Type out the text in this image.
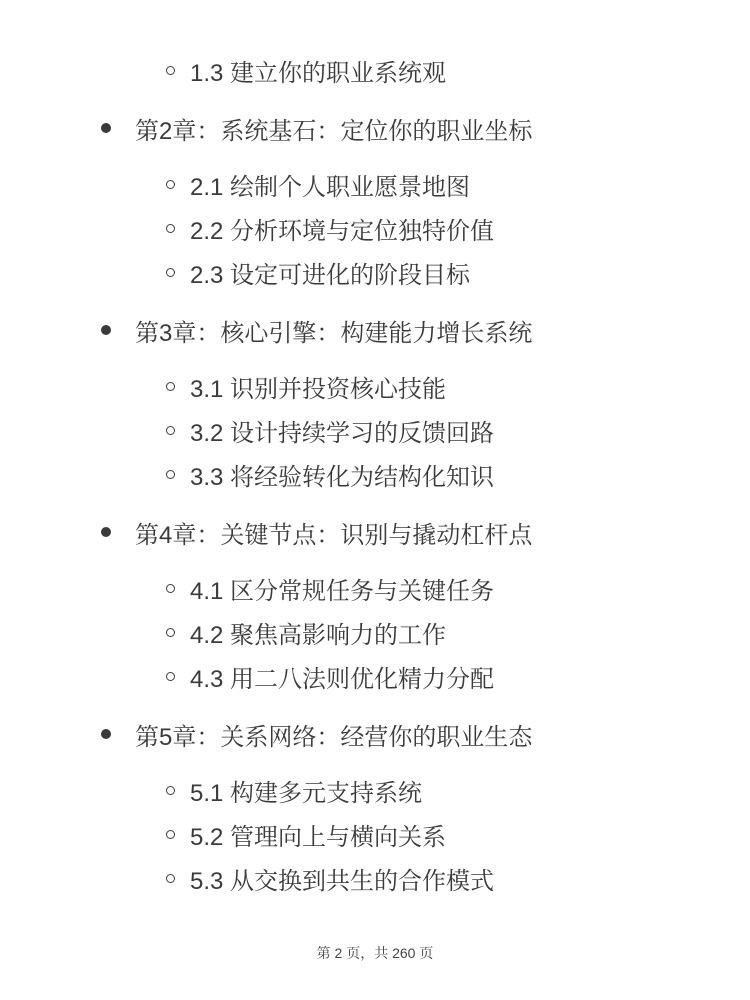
1.3 建立你的职业系统观
第2章：系统基石：定位你的职业坐标
2.1 绘制个人职业愿景地图
2.2 分析环境与定位独特价值
2.3 设定可进化的阶段目标
第3章：核心引擎：构建能力增长系统
3.1 识别并投资核心技能
3.2 设计持续学习的反馈回路
3.3 将经验转化为结构化知识
第4章：关键节点：识别与撬动杠杆点
4.1 区分常规任务与关键任务
4.2 聚焦高影响力的工作
4.3 用二八法则优化精力分配
第5章：关系网络：经营你的职业生态
5.1 构建多元支持系统
5.2 管理向上与横向关系
5.3 从交换到共生的合作模式
第 2 页，共 260 页
